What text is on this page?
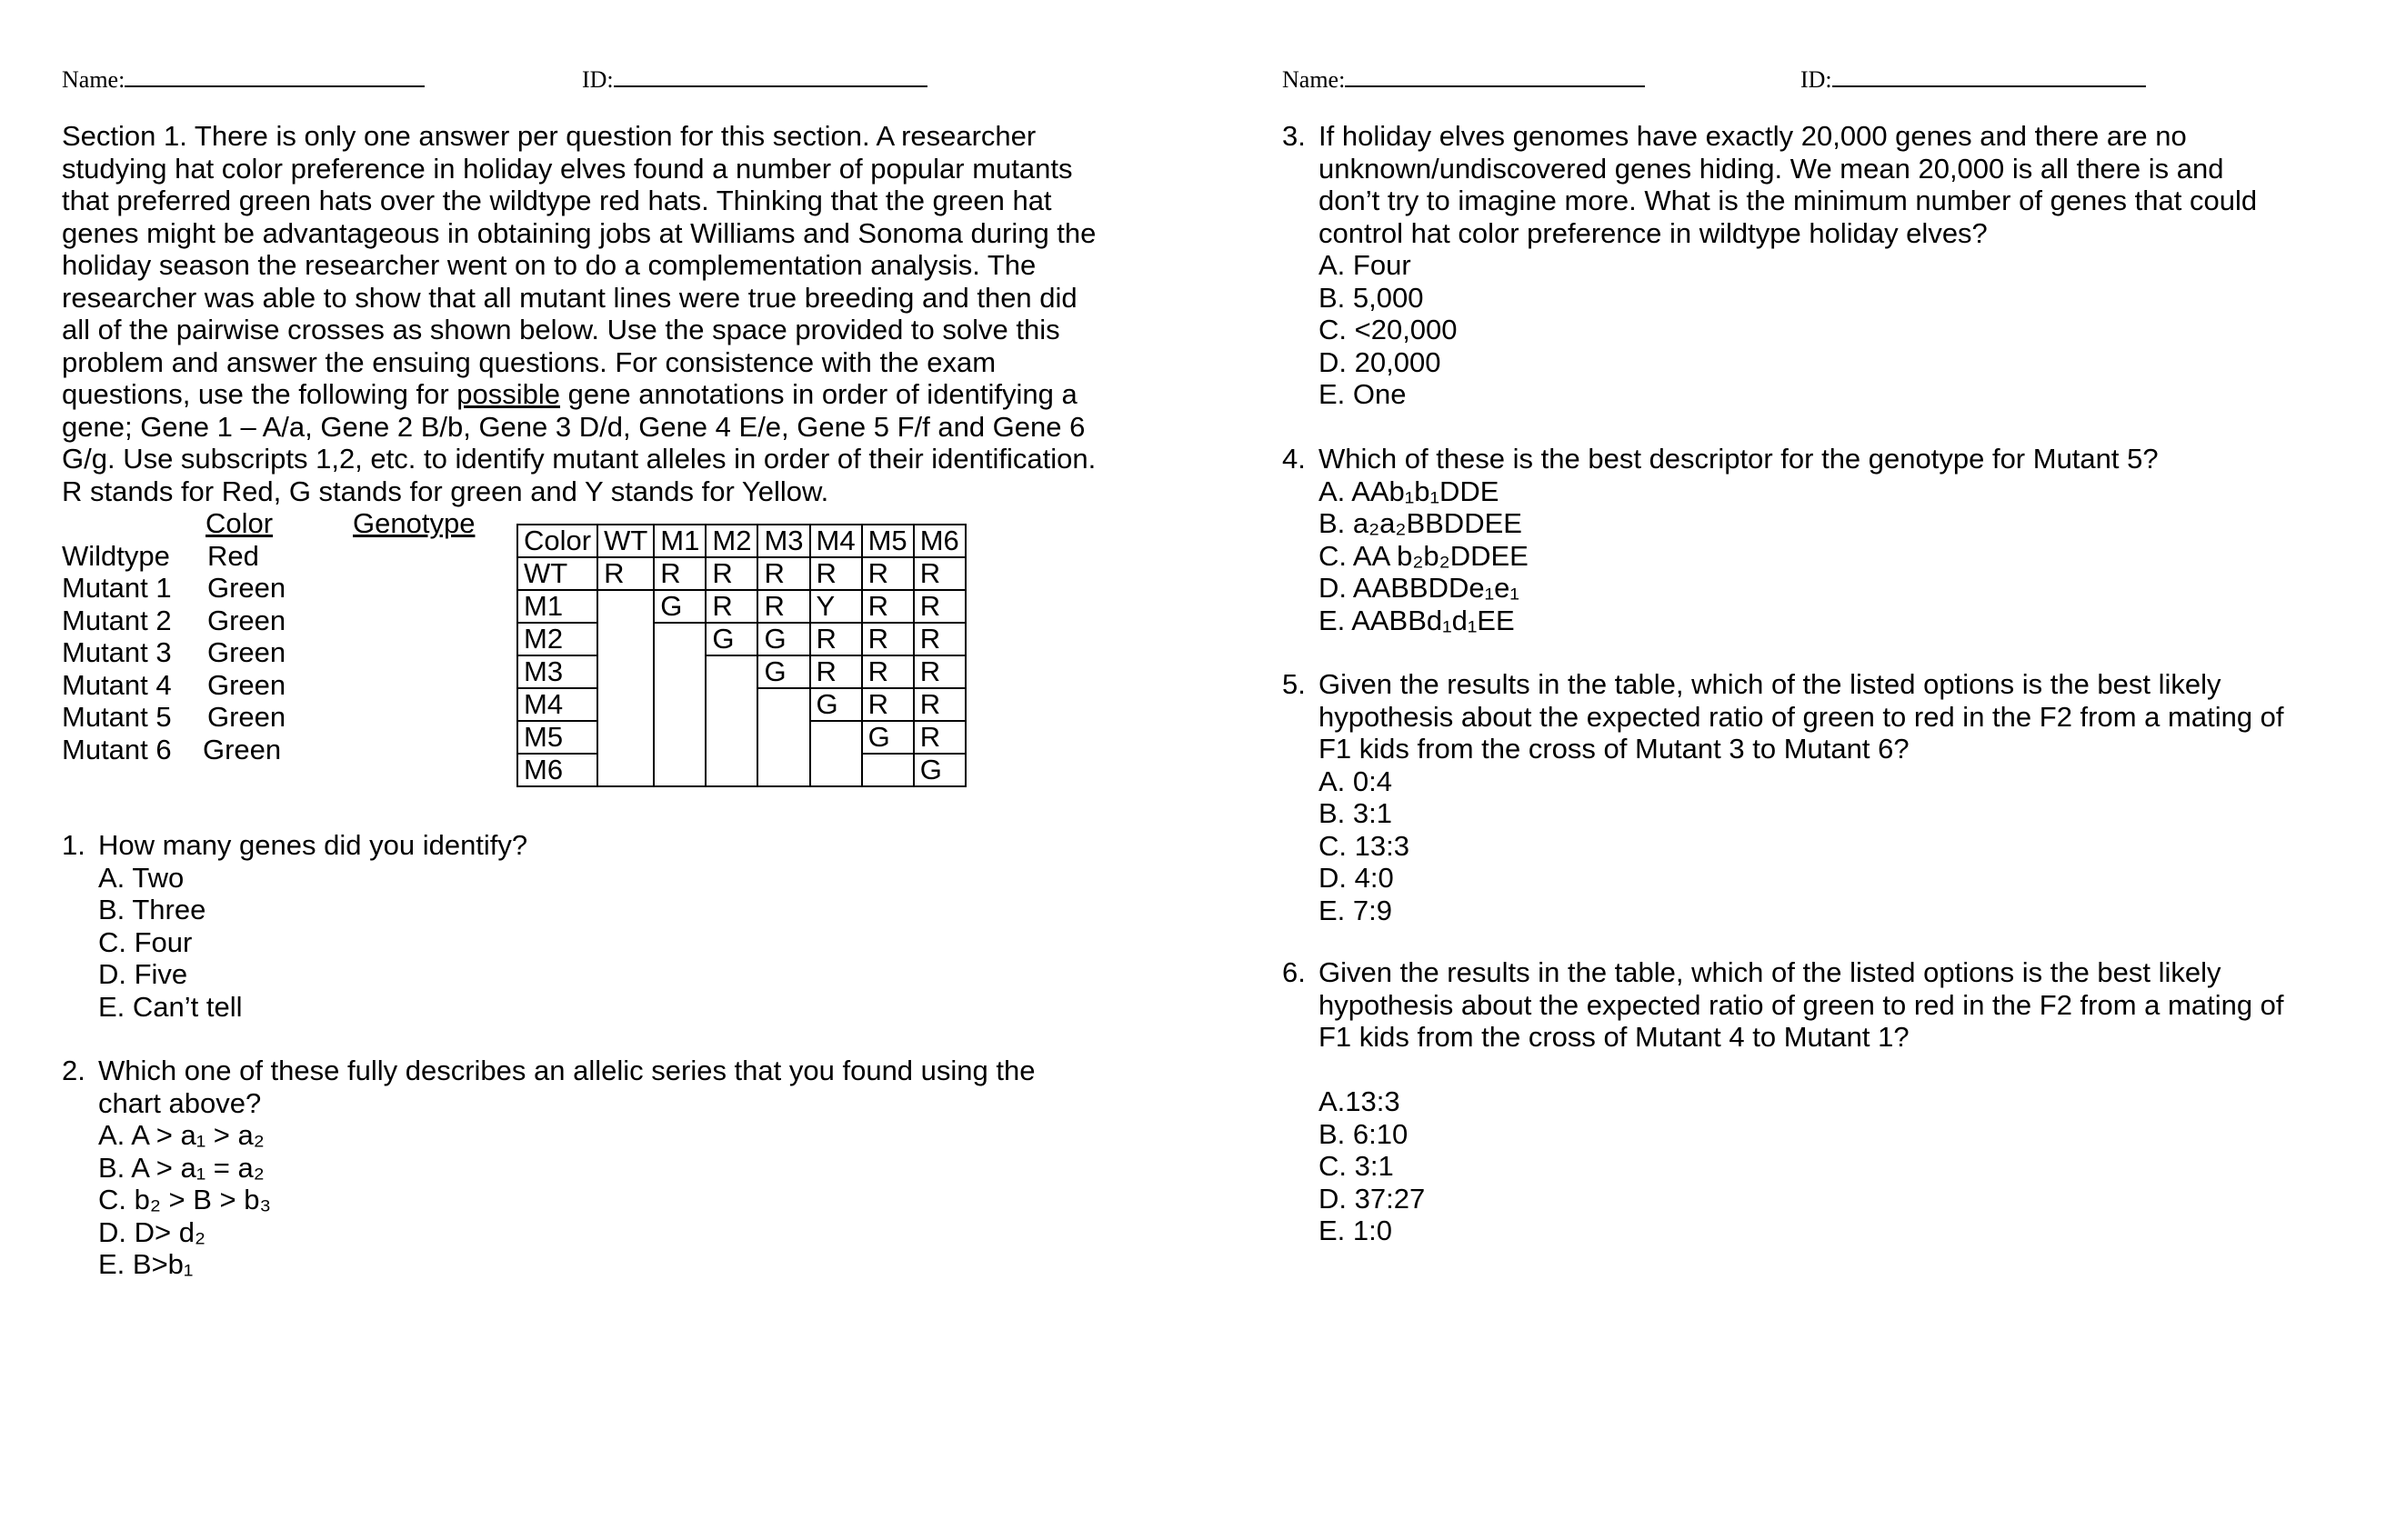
Name:	ID:
Section 1. There is only one answer per question for this section. A researcher studying hat color preference in holiday elves found a number of popular mutants that preferred green hats over the wildtype red hats. Thinking that the green hat genes might be advantageous in obtaining jobs at Williams and Sonoma during the holiday season the researcher went on to do a complementation analysis. The researcher was able to show that all mutant lines were true breeding and then did all of the pairwise crosses as shown below. Use the space provided to solve this problem and answer the ensuing questions. For consistence with the exam questions, use the following for possible gene annotations in order of identifying a gene; Gene 1 – A/a, Gene 2 B/b, Gene 3 D/d, Gene 4 E/e, Gene 5 F/f and Gene 6 G/g. Use subscripts 1,2, etc. to identify mutant alleles in order of their identification. R stands for Red, G stands for green and Y stands for Yellow.
Color	Genotype
Wildtype Red
Mutant 1 Green
Mutant 2 Green
Mutant 3 Green
Mutant 4 Green
Mutant 5 Green
Mutant 6 Green
Color	WT	M1	M2	M3	M4	M5	M6
WT	R	R	R	R	R	R	R
M1		G	R	R	Y	R	R
M2			G	G	R	R	R
M3				G	R	R	R
M4					G	R	R
M5						G	R
M6							G
1. How many genes did you identify?
A. Two
B. Three
C. Four
D. Five
E. Can’t tell
2. Which one of these fully describes an allelic series that you found using the chart above?
A. A > a₁ > a₂
B. A > a₁ = a₂
C. b₂ > B > b₃
D. D> d₂
E. B>b₁
Name:	ID:
3. If holiday elves genomes have exactly 20,000 genes and there are no unknown/undiscovered genes hiding. We mean 20,000 is all there is and don’t try to imagine more. What is the minimum number of genes that could control hat color preference in wildtype holiday elves?
A. Four
B. 5,000
C. <20,000
D. 20,000
E. One
4. Which of these is the best descriptor for the genotype for Mutant 5?
A. AAb₁b₁DDE
B. a₂a₂BBDDEE
C. AA b₂b₂DDEE
D. AABBDDe₁e₁
E. AABBd₁d₁EE
5. Given the results in the table, which of the listed options is the best likely hypothesis about the expected ratio of green to red in the F2 from a mating of F1 kids from the cross of Mutant 3 to Mutant 6?
A. 0:4
B. 3:1
C. 13:3
D. 4:0
E. 7:9
6. Given the results in the table, which of the listed options is the best likely hypothesis about the expected ratio of green to red in the F2 from a mating of F1 kids from the cross of Mutant 4 to Mutant 1?
A.13:3
B. 6:10
C. 3:1
D. 37:27
E. 1:0
